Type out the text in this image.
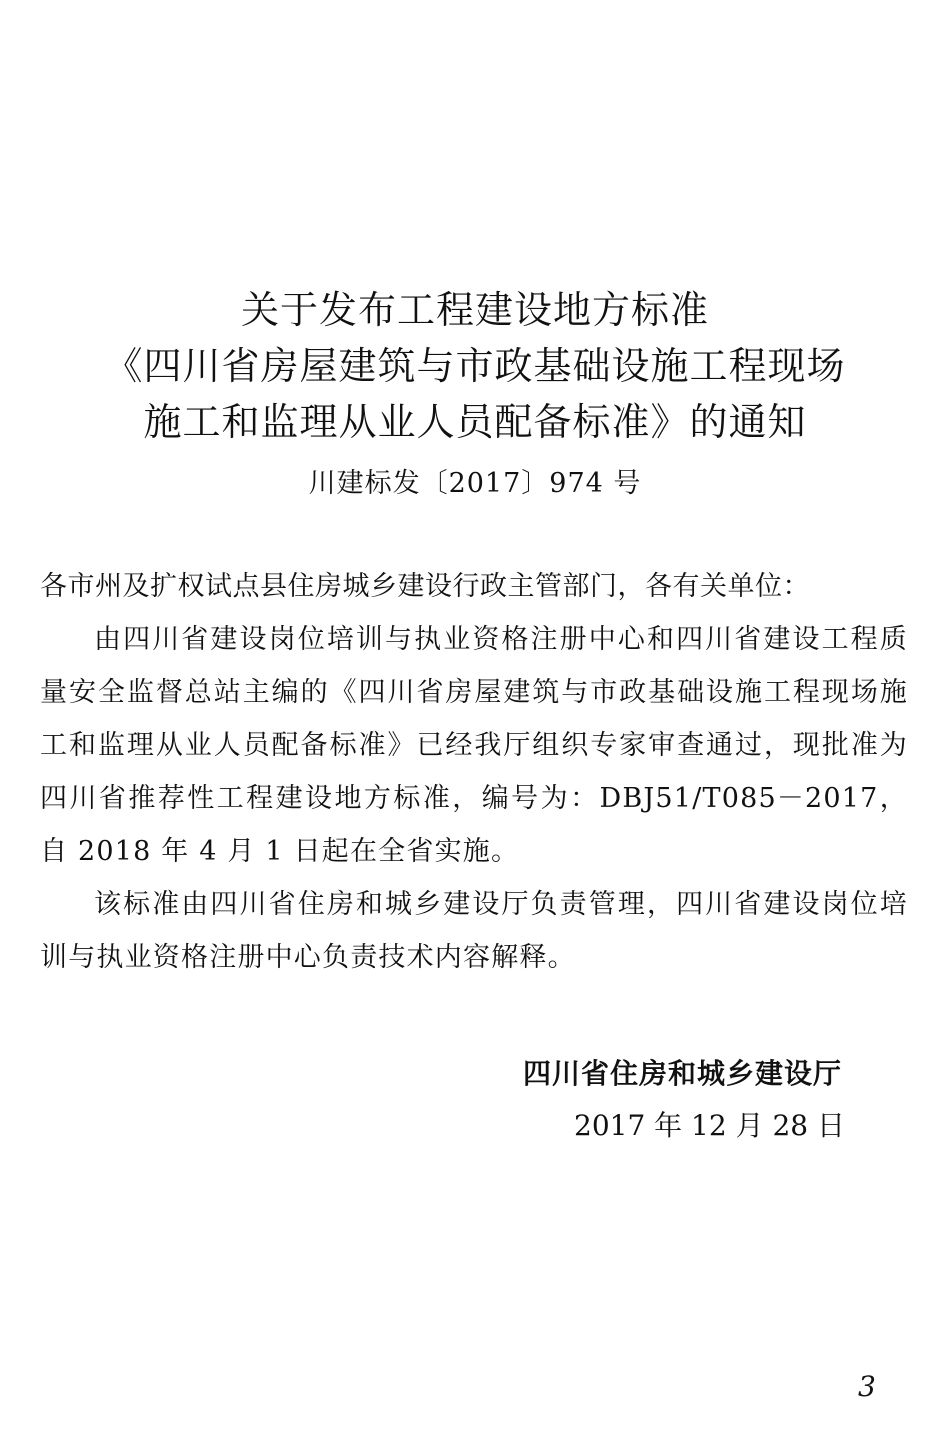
关于发布工程建设地方标准
《四川省房屋建筑与市政基础设施工程现场
施工和监理从业人员配备标准》的通知
川建标发〔2017〕974 号
各市州及扩权试点县住房城乡建设行政主管部门，各有关单位：

由四川省建设岗位培训与执业资格注册中心和四川省建设工程质量安全监督总站主编的《四川省房屋建筑与市政基础设施工程现场施工和监理从业人员配备标准》已经我厅组织专家审查通过，现批准为四川省推荐性工程建设地方标准，编号为：DBJ51/T085－2017，自 2018 年 4 月 1 日起在全省实施。

该标准由四川省住房和城乡建设厅负责管理，四川省建设岗位培训与执业资格注册中心负责技术内容解释。

四川省住房和城乡建设厅
2017 年 12 月 28 日
3
